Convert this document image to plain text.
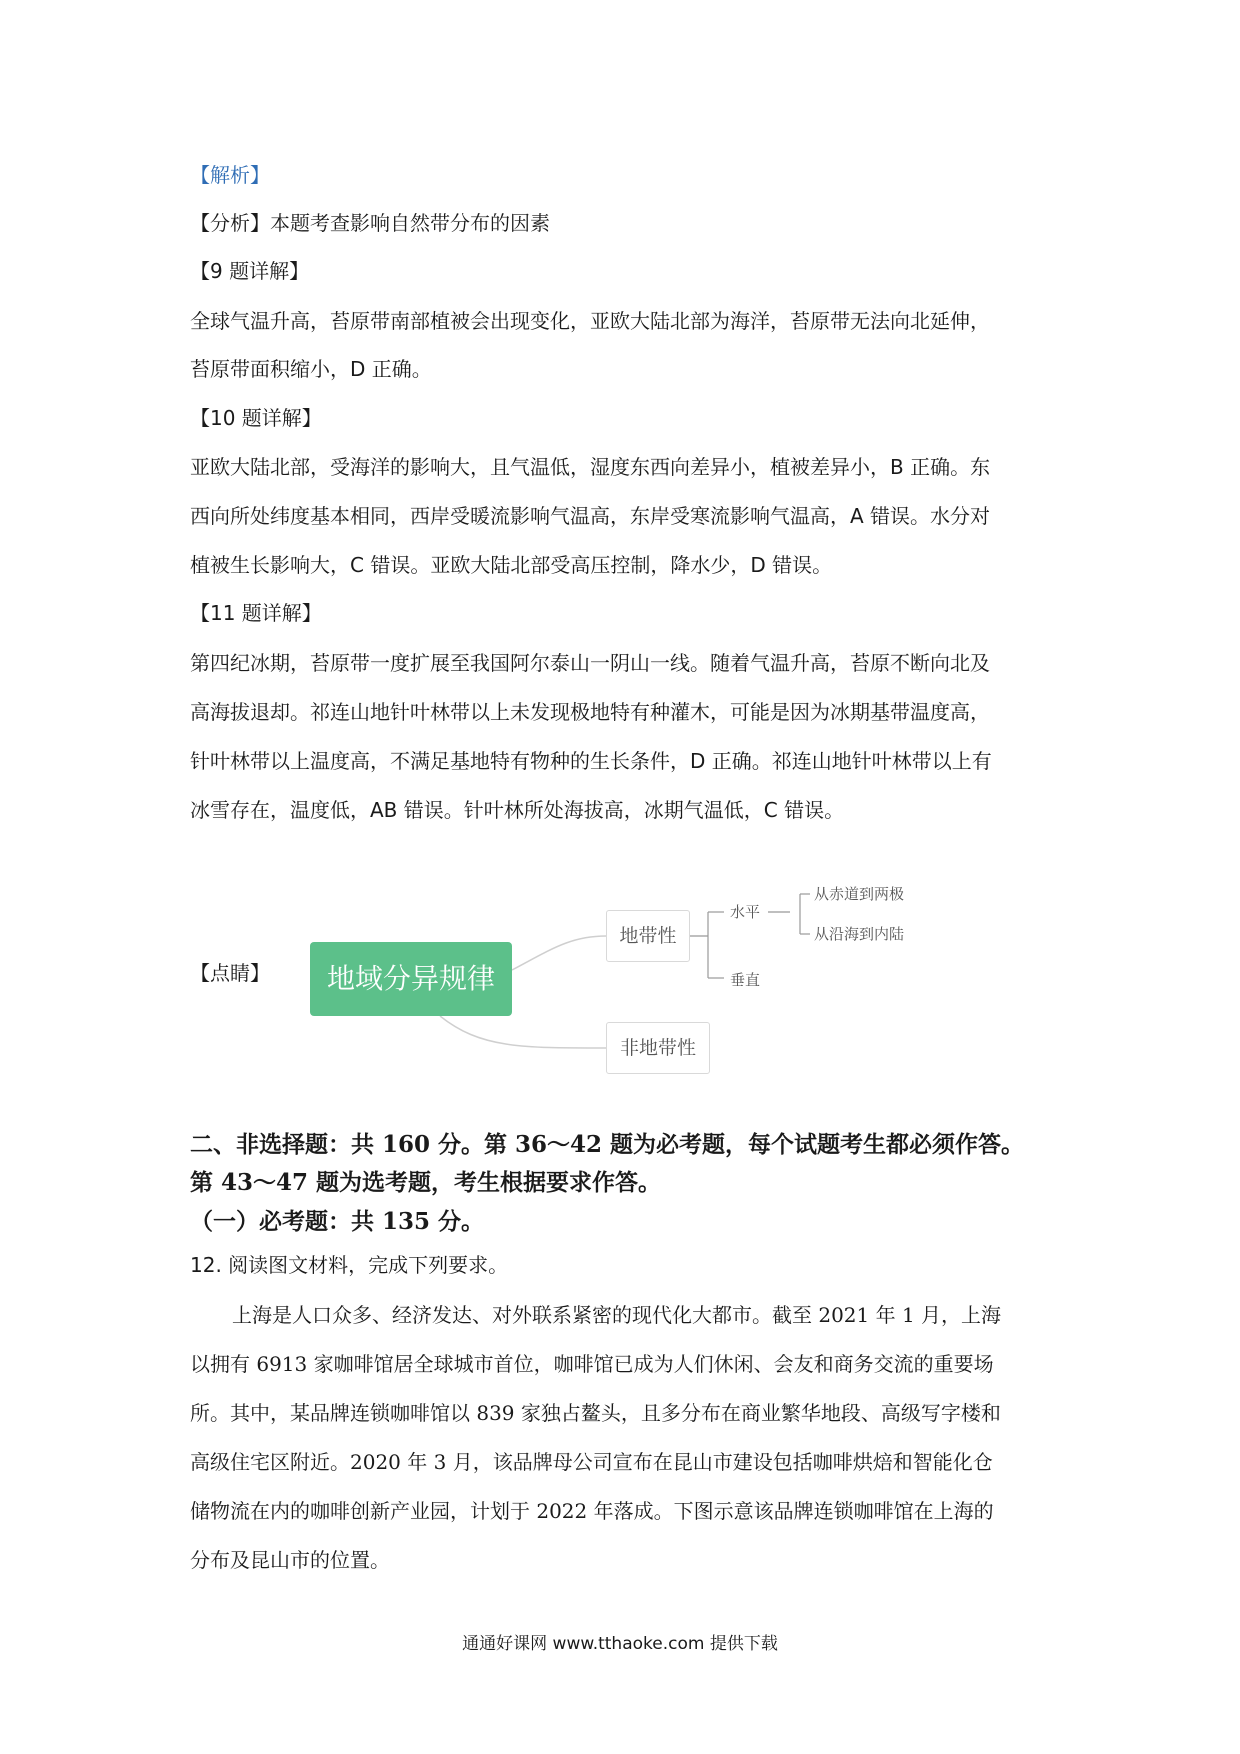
【解析】
【分析】本题考查影响自然带分布的因素
【9 题详解】
全球气温升高，苔原带南部植被会出现变化，亚欧大陆北部为海洋，苔原带无法向北延伸，
苔原带面积缩小，D 正确。
【10 题详解】
亚欧大陆北部，受海洋的影响大，且气温低，湿度东西向差异小，植被差异小，B 正确。东
西向所处纬度基本相同，西岸受暖流影响气温高，东岸受寒流影响气温高，A 错误。水分对
植被生长影响大，C 错误。亚欧大陆北部受高压控制，降水少，D 错误。
【11 题详解】
第四纪冰期，苔原带一度扩展至我国阿尔泰山一阴山一线。随着气温升高，苔原不断向北及
高海拔退却。祁连山地针叶林带以上未发现极地特有种灌木，可能是因为冰期基带温度高，
针叶林带以上温度高，不满足基地特有物种的生长条件，D 正确。祁连山地针叶林带以上有
冰雪存在，温度低，AB 错误。针叶林所处海拔高，冰期气温低，C 错误。
【点睛】	地域分异规律
地带性
非地带性
水平
垂直
从赤道到两极
从沿海到内陆
二、非选择题：共 160 分。第 36～42 题为必考题，每个试题考生都必须作答。
第 43～47 题为选考题，考生根据要求作答。
（一）必考题：共 135 分。
12. 阅读图文材料，完成下列要求。
上海是人口众多、经济发达、对外联系紧密的现代化大都市。截至 2021 年 1 月，上海
以拥有 6913 家咖啡馆居全球城市首位，咖啡馆已成为人们休闲、会友和商务交流的重要场
所。其中，某品牌连锁咖啡馆以 839 家独占鳌头，且多分布在商业繁华地段、高级写字楼和
高级住宅区附近。2020 年 3 月，该品牌母公司宣布在昆山市建设包括咖啡烘焙和智能化仓
储物流在内的咖啡创新产业园，计划于 2022 年落成。下图示意该品牌连锁咖啡馆在上海的
分布及昆山市的位置。
通通好课网 www.tthaoke.com 提供下载
